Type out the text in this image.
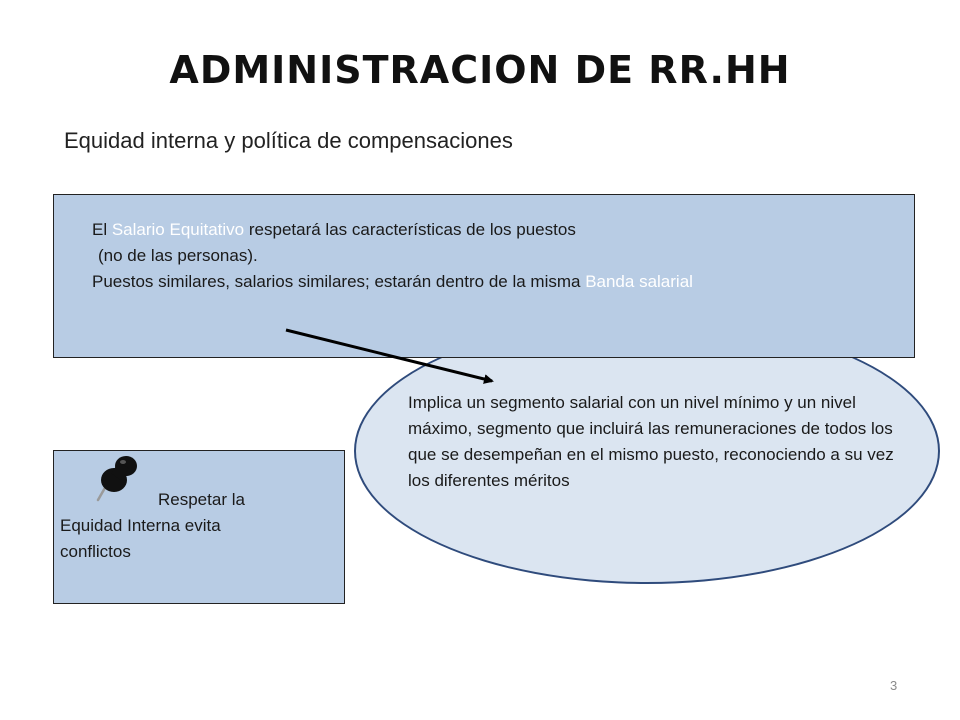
ADMINISTRACION DE RR.HH
Equidad interna y política de compensaciones
El Salario Equitativo respetará las características de los puestos
(no de las personas).
Puestos similares, salarios similares; estarán dentro de la misma Banda salarial
Implica un segmento salarial con un nivel mínimo y un nivel máximo, segmento que incluirá las remuneraciones de todos los que se desempeñan en el mismo puesto, reconociendo a su vez los diferentes méritos
Respetar la
Equidad Interna evita
conflictos
3
